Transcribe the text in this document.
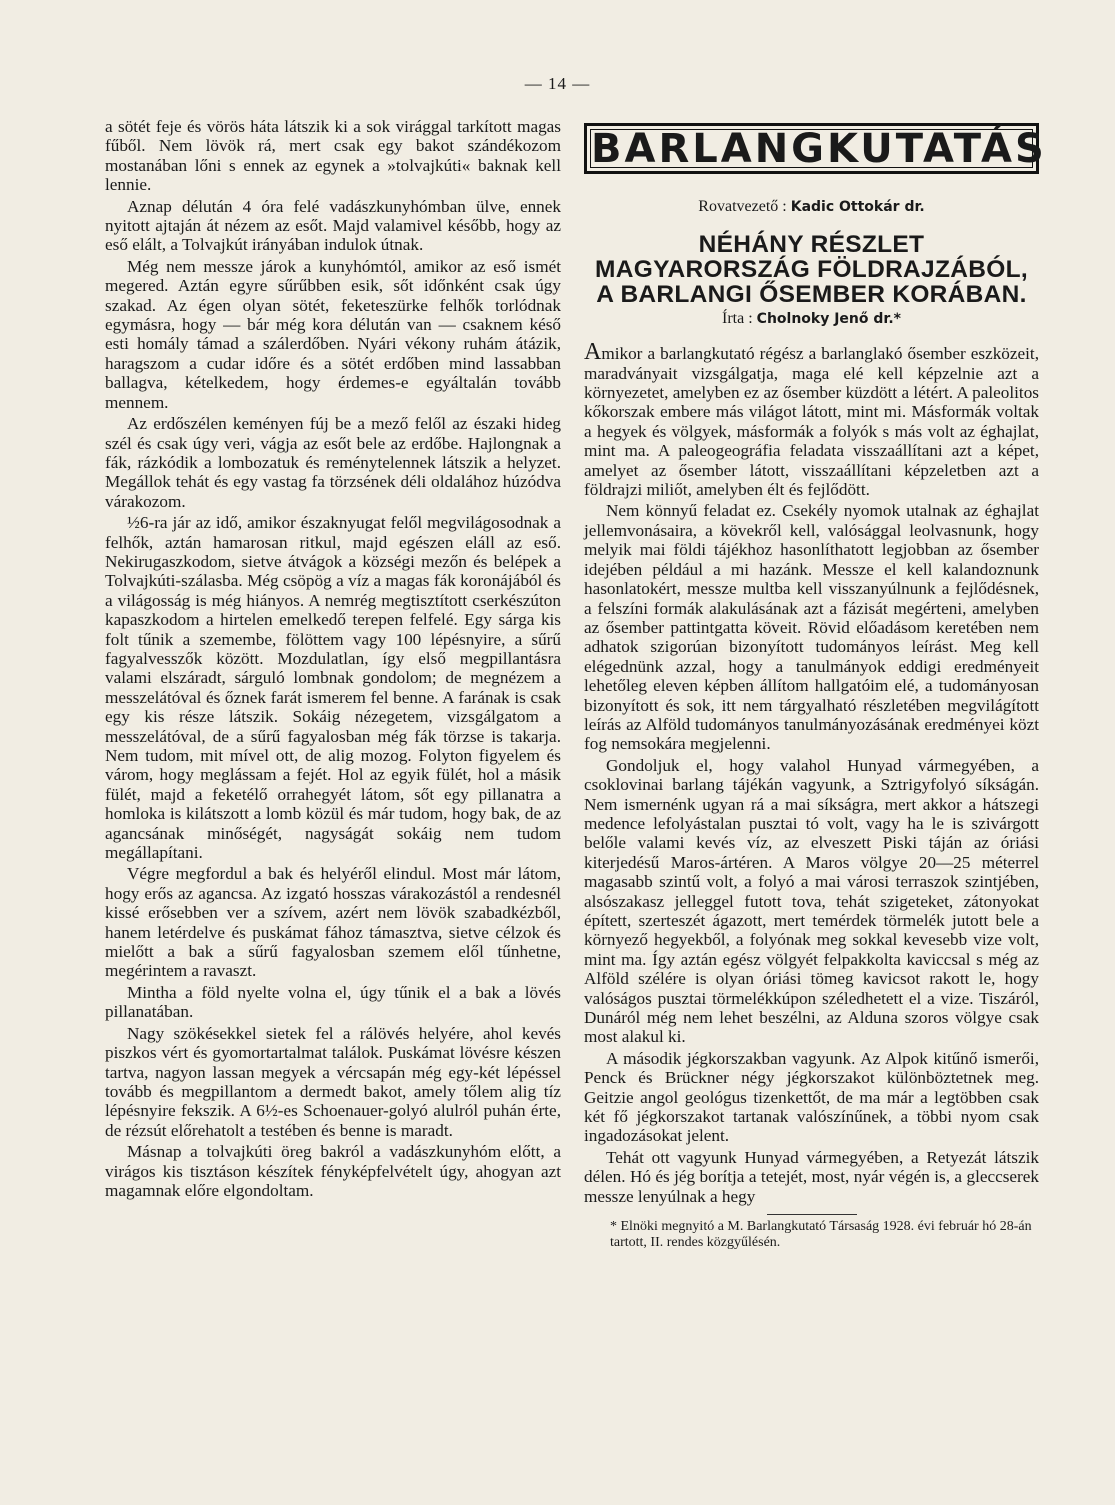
— 14 —

a sötét feje és vörös háta látszik ki a sok virággal tarkított magas fűből. Nem lövök rá, mert csak egy bakot szándékozom mostanában lőni s ennek az egynek a »tolvajkúti« baknak kell lennie.

Aznap délután 4 óra felé vadászkunyhómban ülve, ennek nyitott ajtaján át nézem az esőt. Majd valamivel később, hogy az eső elált, a Tolvajkút irányában indulok útnak.

Még nem messze járok a kunyhómtól, amikor az eső ismét megered. Aztán egyre sűrűbben esik, sőt időnként csak úgy szakad. Az égen olyan sötét, feketeszürke felhők torlódnak egymásra, hogy — bár még kora délután van — csaknem késő esti homály támad a szálerdőben. Nyári vékony ruhám átázik, haragszom a cudar időre és a sötét erdőben mind lassabban ballagva, kételkedem, hogy érdemes-e egyáltalán tovább mennem.

Az erdőszélen keményen fúj be a mező felől az északi hideg szél és csak úgy veri, vágja az esőt bele az erdőbe. Hajlongnak a fák, rázkódik a lombozatuk és reménytelennek látszik a helyzet. Megállok tehát és egy vastag fa törzsének déli oldalához húzódva várakozom.

½6-ra jár az idő, amikor északnyugat felől megvilágosodnak a felhők, aztán hamarosan ritkul, majd egészen eláll az eső. Nekirugaszkodom, sietve átvágok a községi mezőn és belépek a Tolvajkúti-szálasba. Még csöpög a víz a magas fák koronájából és a világosság is még hiányos. A nemrég megtisztított cserkészúton kapaszkodom a hirtelen emelkedő terepen felfelé. Egy sárga kis folt tűnik a szemembe, fölöttem vagy 100 lépésnyire, a sűrű fagyalvesszők között. Mozdulatlan, így első megpillantásra valami elszáradt, sárguló lombnak gondolom; de megnézem a messzelátóval és őznek farát ismerem fel benne. A farának is csak egy kis része látszik. Sokáig nézegetem, vizsgálgatom a messzelátóval, de a sűrű fagyalosban még fák törzse is takarja. Nem tudom, mit mível ott, de alig mozog. Folyton figyelem és várom, hogy meglássam a fejét. Hol az egyik fülét, hol a másik fülét, majd a feketélő orrahegyét látom, sőt egy pillanatra a homloka is kilátszott a lomb közül és már tudom, hogy bak, de az agancsának minőségét, nagyságát sokáig nem tudom megállapítani.

Végre megfordul a bak és helyéről elindul. Most már látom, hogy erős az agancsa. Az izgató hosszas várakozástól a rendesnél kissé erősebben ver a szívem, azért nem lövök szabadkézből, hanem letérdelve és puskámat fához támasztva, sietve célzok és mielőtt a bak a sűrű fagyalosban szemem elől tűnhetne, megérintem a ravaszt.

Mintha a föld nyelte volna el, úgy tűnik el a bak a lövés pillanatában.

Nagy szökésekkel sietek fel a rálövés helyére, ahol kevés piszkos vért és gyomortartalmat találok. Puskámat lövésre készen tartva, nagyon lassan megyek a vércsapán még egy-két lépéssel tovább és megpillantom a dermedt bakot, amely tőlem alig tíz lépésnyire fekszik. A 6½-es Schoenauer-golyó alulról puhán érte, de rézsút előrehatolt a testében és benne is maradt.

Másnap a tolvajkúti öreg bakról a vadászkunyhóm előtt, a virágos kis tisztáson készítek fényképfelvételt úgy, ahogyan azt magamnak előre elgondoltam.

BARLANGKUTATÁS
Rovatvezető : Kadic Ottokár dr.
NÉHÁNY RÉSZLET
MAGYARORSZÁG FÖLDRAJZÁBÓL,
A BARLANGI ŐSEMBER KORÁBAN.
Írta : Cholnoky Jenő dr.*

Amikor a barlangkutató régész a barlanglakó ősember eszközeit, maradványait vizsgálgatja, maga elé kell képzelnie azt a környezetet, amelyben ez az ősember küzdött a létért. A paleolitos kőkorszak embere más világot látott, mint mi. Másformák voltak a hegyek és völgyek, másformák a folyók s más volt az éghajlat, mint ma. A paleogeográfia feladata visszaállítani azt a képet, amelyet az ősember látott, visszaállítani képzeletben azt a földrajzi miliőt, amelyben élt és fejlődött.

Nem könnyű feladat ez. Csekély nyomok utalnak az éghajlat jellemvonásaira, a kövekről kell, valósággal leolvasnunk, hogy melyik mai földi tájékhoz hasonlíthatott legjobban az ősember idejében például a mi hazánk. Messze el kell kalandoznunk hasonlatokért, messze multba kell visszanyúlnunk a fejlődésnek, a felszíni formák alakulásának azt a fázisát megérteni, amelyben az ősember pattintgatta köveit. Rövid előadásom keretében nem adhatok szigorúan bizonyított tudományos leírást. Meg kell elégednünk azzal, hogy a tanulmányok eddigi eredményeit lehetőleg eleven képben állítom hallgatóim elé, a tudományosan bizonyított és sok, itt nem tárgyalható részletében megvilágított leírás az Alföld tudományos tanulmányozásának eredményei közt fog nemsokára megjelenni.

Gondoljuk el, hogy valahol Hunyad vármegyében, a csoklovinai barlang tájékán vagyunk, a Sztrigyfolyó síkságán. Nem ismernénk ugyan rá a mai síkságra, mert akkor a hátszegi medence lefolyástalan pusztai tó volt, vagy ha le is szivárgott belőle valami kevés víz, az elveszett Piski táján az óriási kiterjedésű Maros-ártéren. A Maros völgye 20—25 méterrel magasabb szintű volt, a folyó a mai városi terraszok szintjében, alsószakasz jelleggel futott tova, tehát szigeteket, zátonyokat épített, szerteszét ágazott, mert temérdek törmelék jutott bele a környező hegyekből, a folyónak meg sokkal kevesebb vize volt, mint ma. Így aztán egész völgyét felpakkolta kaviccsal s még az Alföld szélére is olyan óriási tömeg kavicsot rakott le, hogy valóságos pusztai törmelékkúpon széledhetett el a vize. Tiszáról, Dunáról még nem lehet beszélni, az Alduna szoros völgye csak most alakul ki.

A második jégkorszakban vagyunk. Az Alpok kitűnő ismerői, Penck és Brückner négy jégkorszakot különböztetnek meg. Geitzie angol geológus tizenkettőt, de ma már a legtöbben csak két fő jégkorszakot tartanak valószínűnek, a többi nyom csak ingadozásokat jelent.

Tehát ott vagyunk Hunyad vármegyében, a Retyezát látszik délen. Hó és jég borítja a tetejét, most, nyár végén is, a gleccserek messze lenyúlnak a hegy

* Elnöki megnyitó a M. Barlangkutató Társaság 1928. évi február hó 28-án tartott, II. rendes közgyűlésén.
